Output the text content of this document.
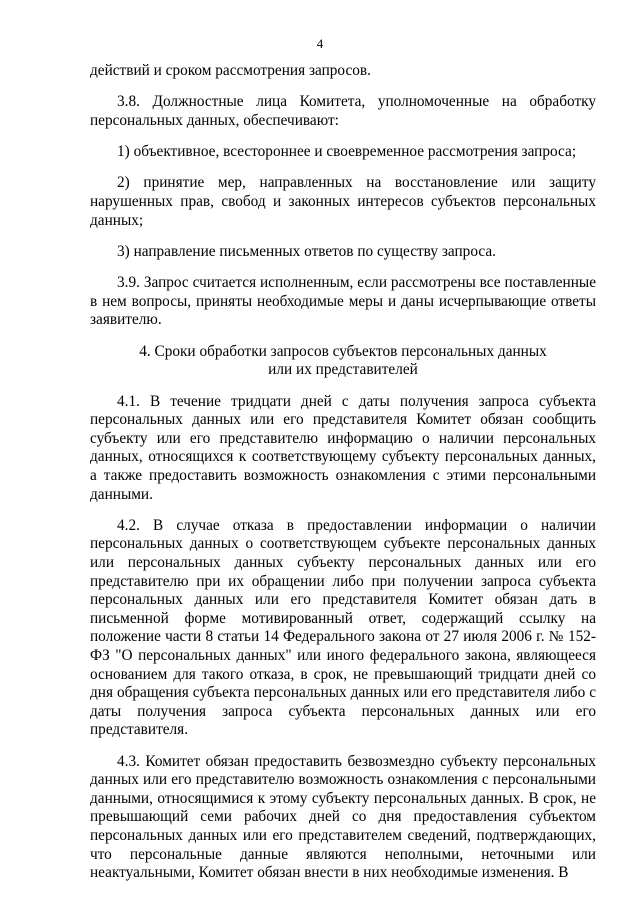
4

действий и сроком рассмотрения запросов.

3.8. Должностные лица Комитета, уполномоченные на обработку персональных данных, обеспечивают:

1) объективное, всестороннее и своевременное рассмотрения запроса;

2) принятие мер, направленных на восстановление или защиту нарушенных прав, свобод и законных интересов субъектов персональных данных;

3) направление письменных ответов по существу запроса.

3.9. Запрос считается исполненным, если рассмотрены все поставленные в нем вопросы, приняты необходимые меры и даны исчерпывающие ответы заявителю.

4. Сроки обработки запросов субъектов персональных данных
или их представителей

4.1. В течение тридцати дней с даты получения запроса субъекта персональных данных или его представителя Комитет обязан сообщить субъекту или его представителю информацию о наличии персональных данных, относящихся к соответствующему субъекту персональных данных, а также предоставить возможность ознакомления с этими персональными данными.

4.2. В случае отказа в предоставлении информации о наличии персональных данных о соответствующем субъекте персональных данных или персональных данных субъекту персональных данных или его представителю при их обращении либо при получении запроса субъекта персональных данных или его представителя Комитет обязан дать в письменной форме мотивированный ответ, содержащий ссылку на положение части 8 статьи 14 Федерального закона от 27 июля 2006 г. № 152-ФЗ "О персональных данных" или иного федерального закона, являющееся основанием для такого отказа, в срок, не превышающий тридцати дней со дня обращения субъекта персональных данных или его представителя либо с даты получения запроса субъекта персональных данных или его представителя.

4.3. Комитет обязан предоставить безвозмездно субъекту персональных данных или его представителю возможность ознакомления с персональными данными, относящимися к этому субъекту персональных данных. В срок, не превышающий семи рабочих дней со дня предоставления субъектом персональных данных или его представителем сведений, подтверждающих, что персональные данные являются неполными, неточными или неактуальными, Комитет обязан внести в них необходимые изменения. В
